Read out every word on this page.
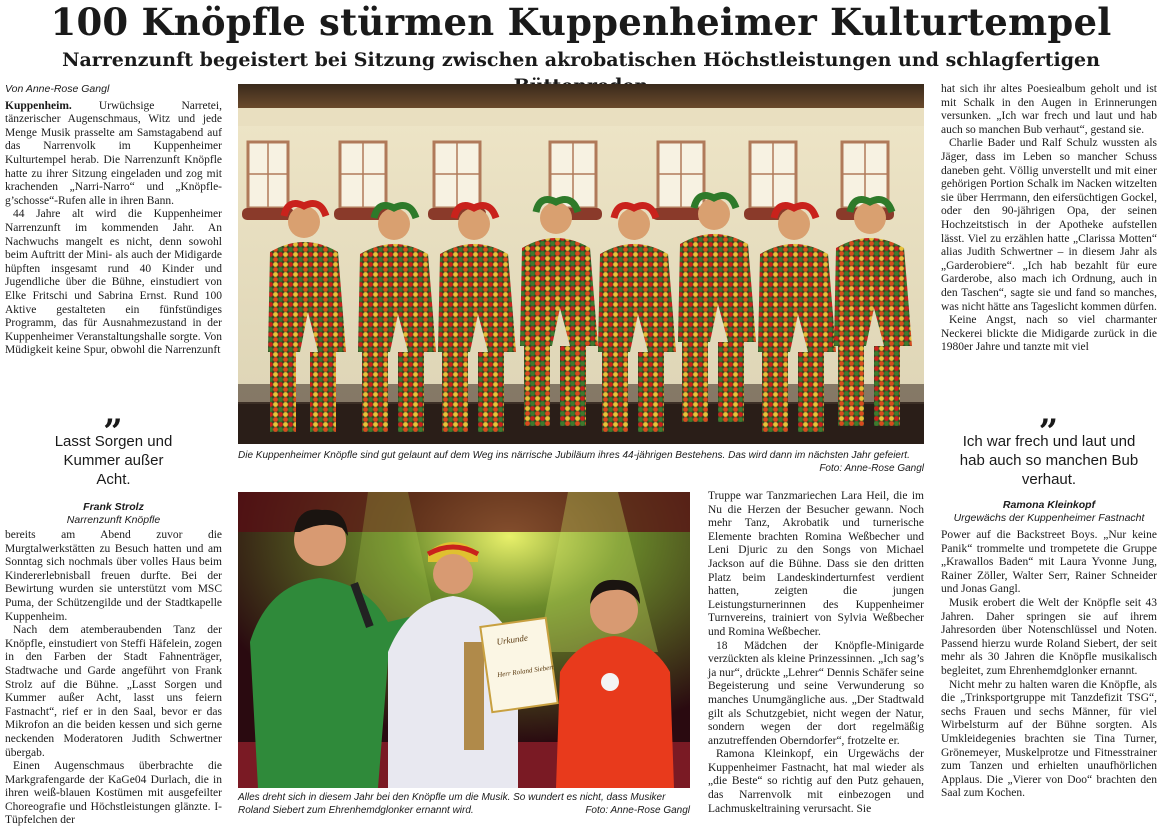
100 Knöpfle stürmen Kuppenheimer Kulturtempel
Narrenzunft begeistert bei Sitzung zwischen akrobatischen Höchstleistungen und schlagfertigen

Von Anne-Rose Gangl

Kuppenheim. Urwüchsige Narretei, tänzerischer Augenschmaus, Witz und jede Menge Musik prasselte am Samstagabend auf das Narrenvolk im Kuppenheimer Kulturtempel herab. Die Narrenzunft Knöpfle hatte zu ihrer Sitzung eingeladen und zog mit krachenden „Narri-Narro“ und „Knöpfle-g’schosse“-Rufen alle in ihren Bann.

44 Jahre alt wird die Kuppenheimer Narrenzunft im kommenden Jahr. An Nachwuchs mangelt es nicht, denn sowohl beim Auftritt der Mini- als auch der Midigarde hüpften insgesamt rund 40 Kinder und Jugendliche über die Bühne, einstudiert von Elke Fritschi und Sabrina Ernst. Rund 100 Aktive gestalteten ein fünfstündiges Programm, das für Ausnahmezustand in der Kuppenheimer Veranstaltungshalle sorgte. Von Müdigkeit keine Spur, obwohl die Narrenzunft

„
Lasst Sorgen und Kummer außer Acht.
Frank Strolz
Narrenzunft Knöpfle

bereits am Abend zuvor die Murgtalwerkstätten zu Besuch hatten und am Sonntag sich nochmals über volles Haus beim Kindererlebnisball freuen durfte. Bei der Bewirtung wurden sie unterstützt vom MSC Puma, der Schützengilde und der Stadtkapelle Kuppenheim.

Nach dem atemberaubenden Tanz der Knöpfle, einstudiert von Steffi Häfelein, zogen in den Farben der Stadt Fahnenträger, Stadtwache und Garde angeführt von Frank Strolz auf die Bühne. „Lasst Sorgen und Kummer außer Acht, lasst uns feiern Fastnacht“, rief er in den Saal, bevor er das Mikrofon an die beiden kessen und sich gerne neckenden Moderatoren Judith Schwertner übergab.

Einen Augenschmaus überbrachte die Markgrafengarde der KaGe04 Durlach, die in ihren weiß-blauen Kostümen mit ausgefeilter Choreografie und Höchstleistungen glänzte. I-Tüpfelchen der

Die Kuppenheimer Knöpfle sind gut gelaunt auf dem Weg ins närrische Jubiläum ihres 44-jährigen Bestehens. Das wird dann im nächsten Jahr gefeiert.
Foto: Anne-Rose Gangl
Urkunde
Herr Roland Siebert
Alles dreht sich in diesem Jahr bei den Knöpfle um die Musik. So wundert es nicht, dass Musiker Roland Siebert zum Ehrenhemdglonker ernannt wird.	Foto: Anne-Rose Gangl

Truppe war Tanzmariechen Lara Heil, die im Nu die Herzen der Besucher gewann. Noch mehr Tanz, Akrobatik und turnerische Elemente brachten Romina Weßbecher und Leni Djuric zu den Songs von Michael Jackson auf die Bühne. Dass sie den dritten Platz beim Landeskinderturnfest verdient hatten, zeigten die jungen Leistungsturnerinnen des Kuppenheimer Turnvereins, trainiert von Sylvia Weßbecher und Romina Weßbecher.

18 Mädchen der Knöpfle-Minigarde verzückten als kleine Prinzessinnen. „Ich sag’s ja nur“, drückte „Lehrer“ Dennis Schäfer seine Begeisterung und seine Verwunderung so manches Unumgängliche aus. „Der Stadtwald gilt als Schutzgebiet, nicht wegen der Natur, sondern wegen der dort regelmäßig anzutreffenden Oberndorfer“, frotzelte er.

Ramona Kleinkopf, ein Urgewächs der Kuppenheimer Fastnacht, hat mal wieder als „die Beste“ so richtig auf den Putz gehauen, das Narrenvolk mit einbezogen und Lachmuskeltraining verursacht. Sie

hat sich ihr altes Poesiealbum geholt und ist mit Schalk in den Augen in Erinnerungen versunken. „Ich war frech und laut und hab auch so manchen Bub verhaut“, gestand sie.

Charlie Bader und Ralf Schulz wussten als Jäger, dass im Leben so mancher Schuss daneben geht. Völlig unverstellt und mit einer gehörigen Portion Schalk im Nacken witzelten sie über Herrmann, den eifersüchtigen Gockel, oder den 90-jährigen Opa, der seinen Hochzeitstisch in der Apotheke aufstellen lässt. Viel zu erzählen hatte „Clarissa Motten“ alias Judith Schwertner – in diesem Jahr als „Garderobiere“. „Ich hab bezahlt für eure Garderobe, also mach ich Ordnung, auch in den Taschen“, sagte sie und fand so manches, was nicht hätte ans Tageslicht kommen dürfen.

Keine Angst, nach so viel charmanter Neckerei blickte die Midigarde zurück in die 1980er Jahre und tanzte mit viel

„
Ich war frech und laut und hab auch so manchen Bub verhaut.
Ramona Kleinkopf
Urgewächs der Kuppenheimer Fastnacht

Power auf die Backstreet Boys. „Nur keine Panik“ trommelte und trompetete die Gruppe „Krawallos Baden“ mit Laura Yvonne Jung, Rainer Zöller, Walter Serr, Rainer Schneider und Jonas Gangl.

Musik erobert die Welt der Knöpfle seit 43 Jahren. Daher springen sie auf ihrem Jahresorden über Notenschlüssel und Noten. Passend hierzu wurde Roland Siebert, der seit mehr als 30 Jahren die Knöpfle musikalisch begleitet, zum Ehrenhemdglonker ernannt.

Nicht mehr zu halten waren die Knöpfle, als die „Trinksportgruppe mit Tanzdefizit TSG“, sechs Frauen und sechs Männer, für viel Wirbelsturm auf der Bühne sorgten. Als Umkleidegenies brachten sie Tina Turner, Grönemeyer, Muskelprotze und Fitnesstrainer zum Tanzen und erhielten unaufhörlichen Applaus. Die „Vierer von Doo“ brachten den Saal zum Kochen.
